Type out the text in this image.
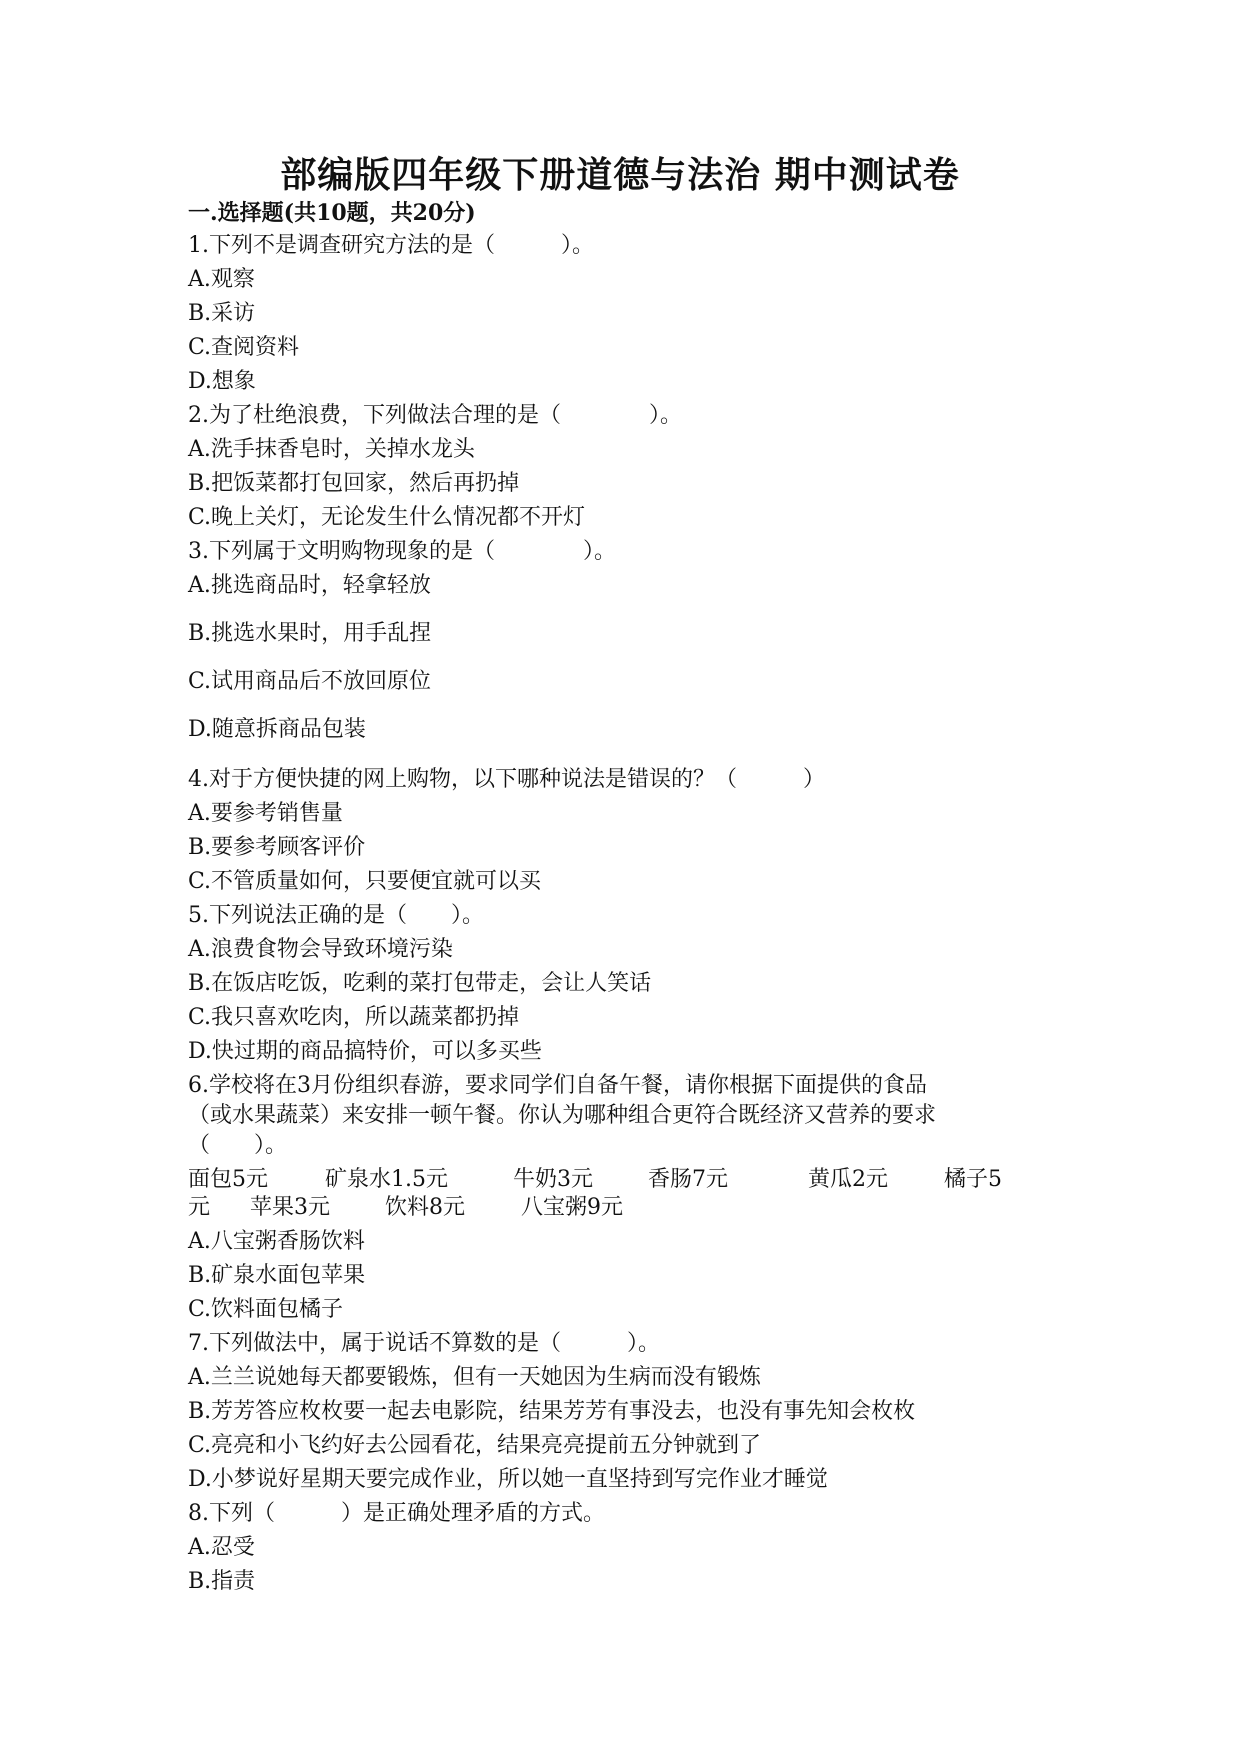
部编版四年级下册道德与法治 期中测试卷
一.选择题(共10题，共20分)
1.下列不是调查研究方法的是（　　　）。
A.观察
B.采访
C.查阅资料
D.想象
2.为了杜绝浪费，下列做法合理的是（　　　　）。
A.洗手抹香皂时，关掉水龙头
B.把饭菜都打包回家，然后再扔掉
C.晚上关灯，无论发生什么情况都不开灯
3.下列属于文明购物现象的是（　　　　）。
A.挑选商品时，轻拿轻放
B.挑选水果时，用手乱捏
C.试用商品后不放回原位
D.随意拆商品包装
4.对于方便快捷的网上购物，以下哪种说法是错误的？（　　　）
A.要参考销售量
B.要参考顾客评价
C.不管质量如何，只要便宜就可以买
5.下列说法正确的是（　　）。
A.浪费食物会导致环境污染
B.在饭店吃饭，吃剩的菜打包带走，会让人笑话
C.我只喜欢吃肉，所以蔬菜都扔掉
D.快过期的商品搞特价，可以多买些
6.学校将在3月份组织春游，要求同学们自备午餐，请你根据下面提供的食品
（或水果蔬菜）来安排一顿午餐。你认为哪种组合更符合既经济又营养的要求
（　　）。
面包5元	矿泉水1.5元	牛奶3元	香肠7元	黄瓜2元	橘子5
元 苹果3元	饮料8元	八宝粥9元
A.八宝粥香肠饮料
B.矿泉水面包苹果
C.饮料面包橘子
7.下列做法中，属于说话不算数的是（　　　）。
A.兰兰说她每天都要锻炼，但有一天她因为生病而没有锻炼
B.芳芳答应枚枚要一起去电影院，结果芳芳有事没去，也没有事先知会枚枚
C.亮亮和小飞约好去公园看花，结果亮亮提前五分钟就到了
D.小梦说好星期天要完成作业，所以她一直坚持到写完作业才睡觉
8.下列（　　　）是正确处理矛盾的方式。
A.忍受
B.指责
